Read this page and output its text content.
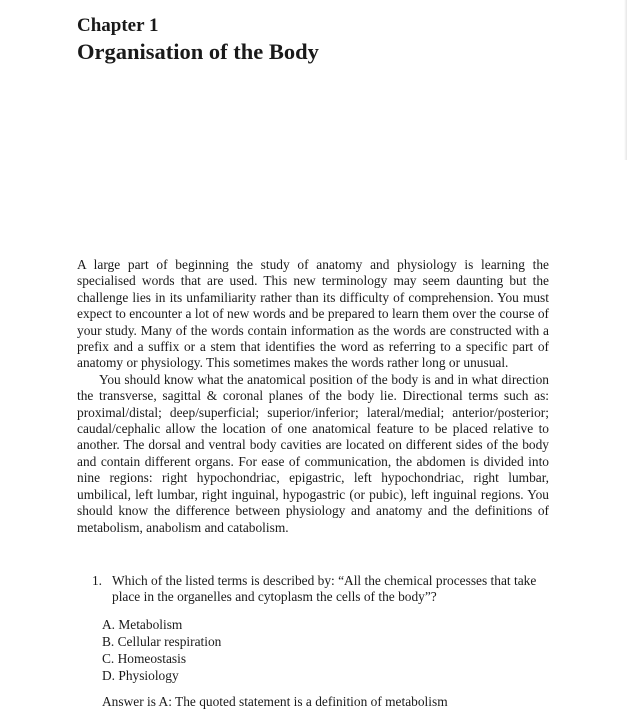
Chapter 1
Organisation of the Body

A large part of beginning the study of anatomy and physiology is learning the specialised words that are used. This new terminology may seem daunting but the challenge lies in its unfamiliarity rather than its difficulty of comprehension. You must expect to encounter a lot of new words and be prepared to learn them over the course of your study. Many of the words contain information as the words are constructed with a prefix and a suffix or a stem that identifies the word as referring to a specific part of anatomy or physiology. This sometimes makes the words rather long or unusual.

You should know what the anatomical position of the body is and in what direction the transverse, sagittal & coronal planes of the body lie. Directional terms such as: proximal/distal; deep/superficial; superior/inferior; lateral/medial; anterior/posterior; caudal/cephalic allow the location of one anatomical feature to be placed relative to another. The dorsal and ventral body cavities are located on different sides of the body and contain different organs. For ease of communication, the abdomen is divided into nine regions: right hypochondriac, epigastric, left hypochondriac, right lumbar, umbilical, left lumbar, right inguinal, hypogastric (or pubic), left inguinal regions. You should know the difference between physiology and anatomy and the definitions of metabolism, anabolism and catabolism.

1. Which of the listed terms is described by: “All the chemical processes that take place in the organelles and cytoplasm the cells of the body”?
A. Metabolism
B. Cellular respiration
C. Homeostasis
D. Physiology
Answer is A: The quoted statement is a definition of metabolism
